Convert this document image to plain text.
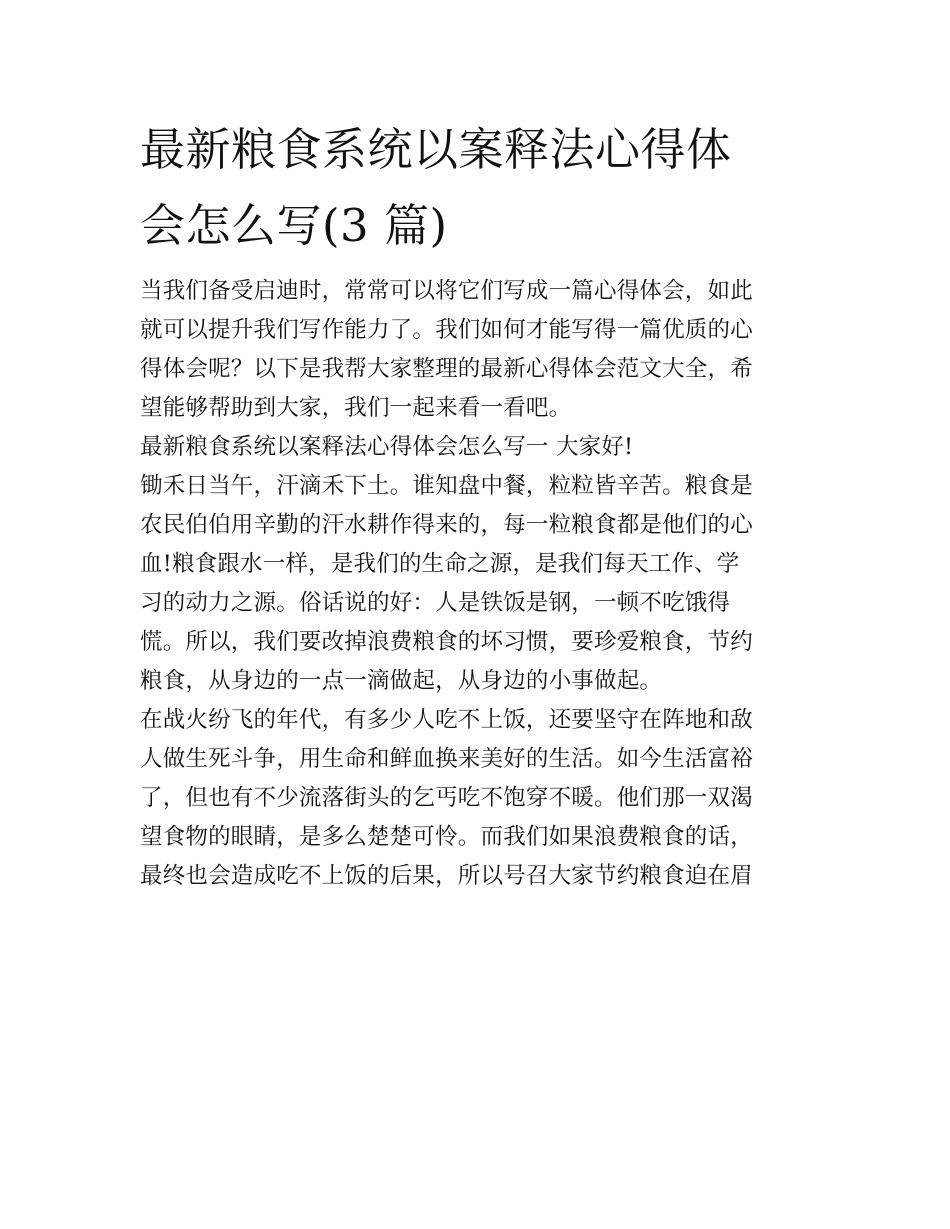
最新粮食系统以案释法心得体
会怎么写(3 篇)
当我们备受启迪时，常常可以将它们写成一篇心得体会，如此
就可以提升我们写作能力了。我们如何才能写得一篇优质的心
得体会呢？以下是我帮大家整理的最新心得体会范文大全，希
望能够帮助到大家，我们一起来看一看吧。
最新粮食系统以案释法心得体会怎么写一 大家好!
锄禾日当午，汗滴禾下土。谁知盘中餐，粒粒皆辛苦。粮食是
农民伯伯用辛勤的汗水耕作得来的，每一粒粮食都是他们的心
血!粮食跟水一样，是我们的生命之源，是我们每天工作、学
习的动力之源。俗话说的好：人是铁饭是钢，一顿不吃饿得
慌。所以，我们要改掉浪费粮食的坏习惯，要珍爱粮食，节约
粮食，从身边的一点一滴做起，从身边的小事做起。
在战火纷飞的年代，有多少人吃不上饭，还要坚守在阵地和敌
人做生死斗争，用生命和鲜血换来美好的生活。如今生活富裕
了，但也有不少流落街头的乞丐吃不饱穿不暖。他们那一双渴
望食物的眼睛，是多么楚楚可怜。而我们如果浪费粮食的话，
最终也会造成吃不上饭的后果，所以号召大家节约粮食迫在眉
